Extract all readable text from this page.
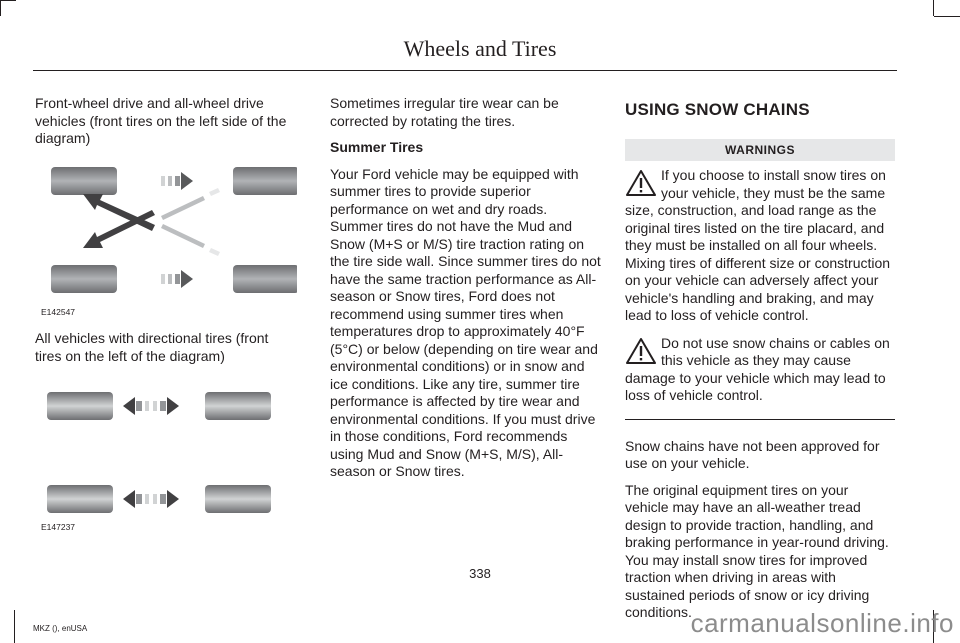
Wheels and Tires

Front-wheel drive and all-wheel drive vehicles (front tires on the left side of the diagram)

E142547

All vehicles with directional tires (front tires on the left of the diagram)

E147237

Sometimes irregular tire wear can be corrected by rotating the tires.

Summer Tires

Your Ford vehicle may be equipped with summer tires to provide superior performance on wet and dry roads. Summer tires do not have the Mud and Snow (M+S or M/S) tire traction rating on the tire side wall. Since summer tires do not have the same traction performance as All-season or Snow tires, Ford does not recommend using summer tires when temperatures drop to approximately 40°F (5°C) or below (depending on tire wear and environmental conditions) or in snow and ice conditions. Like any tire, summer tire performance is affected by tire wear and environmental conditions. If you must drive in those conditions, Ford recommends using Mud and Snow (M+S, M/S), All-season or Snow tires.

USING SNOW CHAINS
WARNINGS
If you choose to install snow tires on your vehicle, they must be the same size, construction, and load range as the original tires listed on the tire placard, and they must be installed on all four wheels. Mixing tires of different size or construction on your vehicle can adversely affect your vehicle's handling and braking, and may lead to loss of vehicle control.
Do not use snow chains or cables on this vehicle as they may cause damage to your vehicle which may lead to loss of vehicle control.

Snow chains have not been approved for use on your vehicle.

The original equipment tires on your vehicle may have an all-weather tread design to provide traction, handling, and braking performance in year-round driving. You may install snow tires for improved traction when driving in areas with sustained periods of snow or icy driving conditions.

338
MKZ (), enUSA	carmanualsonline.info
